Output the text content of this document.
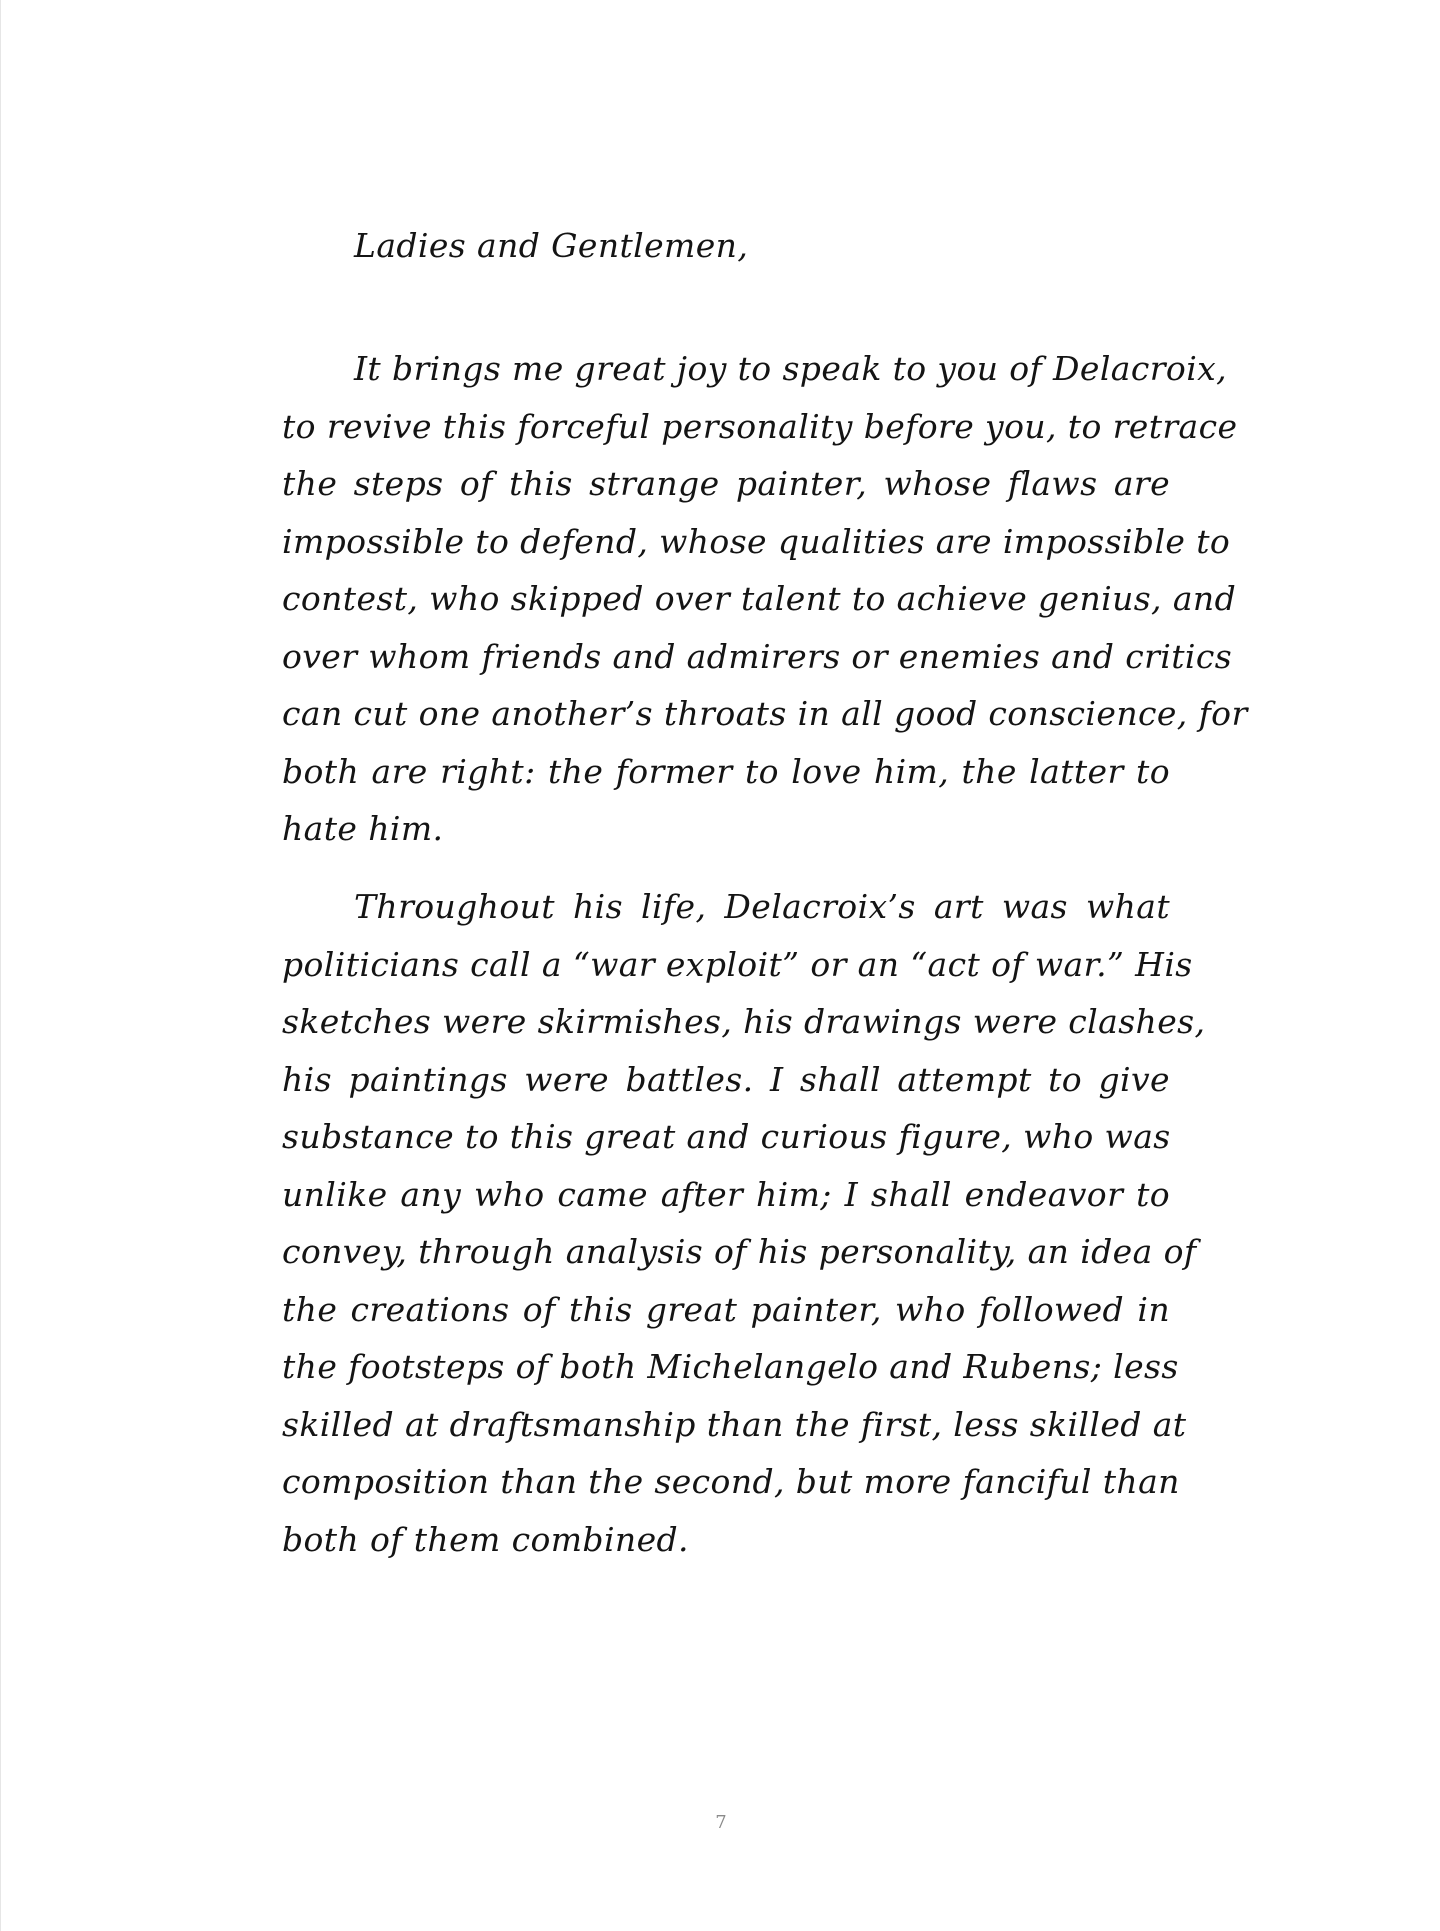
Ladies and Gentlemen,
It brings me great joy to speak to you of Delacroix,
to revive this forceful personality before you, to retrace
the steps of this strange painter, whose flaws are
impossible to defend, whose qualities are impossible to
contest, who skipped over talent to achieve genius, and
over whom friends and admirers or enemies and critics
can cut one another’s throats in all good conscience, for
both are right: the former to love him, the latter to
hate him.
Throughout his life, Delacroix’s art was what
politicians call a “war exploit” or an “act of war.” His
sketches were skirmishes, his drawings were clashes,
his paintings were battles. I shall attempt to give
substance to this great and curious figure, who was
unlike any who came after him; I shall endeavor to
convey, through analysis of his personality, an idea of
the creations of this great painter, who followed in
the footsteps of both Michelangelo and Rubens; less
skilled at draftsmanship than the first, less skilled at
composition than the second, but more fanciful than
both of them combined.
7
